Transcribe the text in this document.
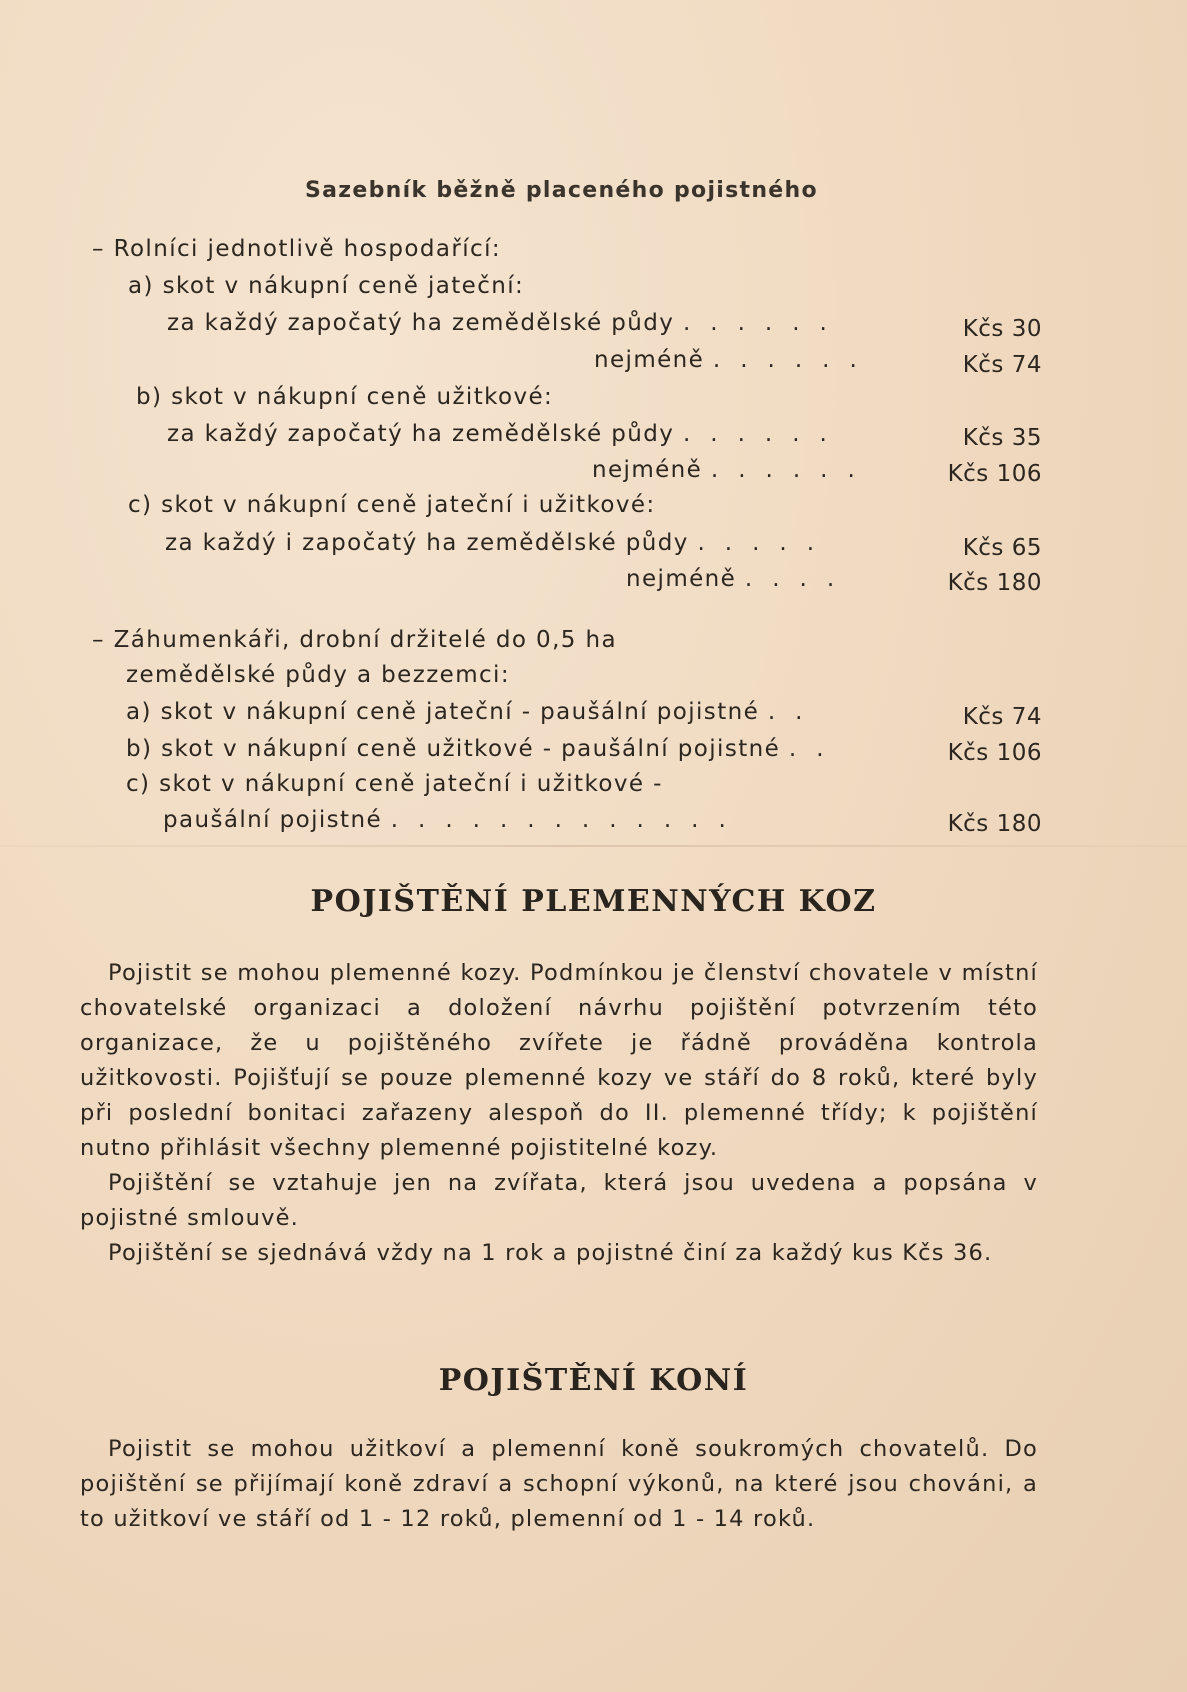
Sazebník běžně placeného pojistného
– Rolníci jednotlivě hospodařící:
a) skot v nákupní ceně jateční:
za každý započatý ha zemědělské půdy ......	Kčs 30
nejméně ......	Kčs 74
b) skot v nákupní ceně užitkové:
za každý započatý ha zemědělské půdy ......	Kčs 35
nejméně ......	Kčs 106
c) skot v nákupní ceně jateční i užitkové:
za každý i započatý ha zemědělské půdy .....	Kčs 65
nejméně ....	Kčs 180
– Záhumenkáři, drobní držitelé do 0,5 ha
zemědělské půdy a bezzemci:
a) skot v nákupní ceně jateční - paušální pojistné ..	Kčs 74
b) skot v nákupní ceně užitkové - paušální pojistné ..	Kčs 106
c) skot v nákupní ceně jateční i užitkové -
paušální pojistné .............	Kčs 180
POJIŠTĚNÍ PLEMENNÝCH KOZ

Pojistit se mohou plemenné kozy. Podmínkou je členství chovatele v místní chovatelské organizaci a doložení návrhu pojištění potvrzením této organizace, že u pojištěného zvířete je řádně prováděna kontrola užitkovosti. Pojišťují se pouze plemenné kozy ve stáří do 8 roků, které byly při poslední bonitaci zařazeny alespoň do II. plemenné třídy; k pojištění nutno přihlásit všechny plemenné pojistitelné kozy.

Pojištění se vztahuje jen na zvířata, která jsou uvedena a popsána v pojistné smlouvě.

Pojištění se sjednává vždy na 1 rok a pojistné činí za každý kus Kčs 36.

POJIŠTĚNÍ KONÍ

Pojistit se mohou užitkoví a plemenní koně soukromých chovatelů. Do pojištění se přijímají koně zdraví a schopní výkonů, na které jsou chováni, a to užitkoví ve stáří od 1 - 12 roků, plemenní od 1 - 14 roků.
